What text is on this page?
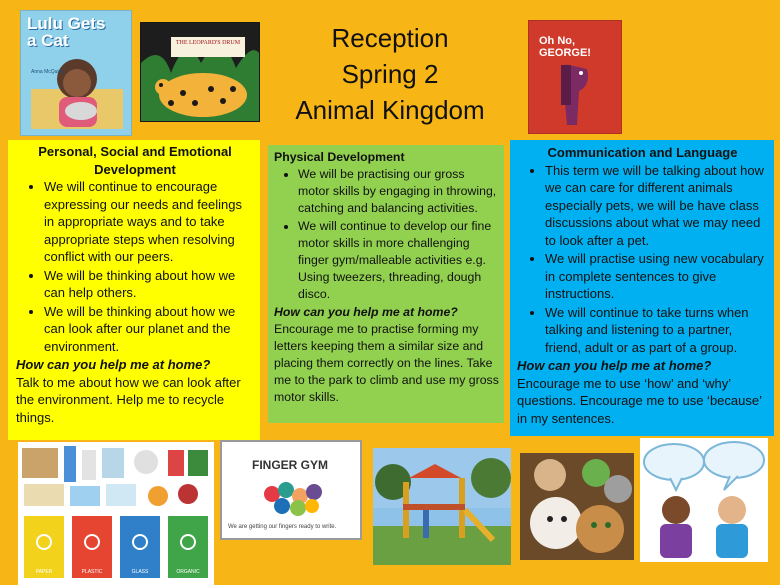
Reception
Spring 2
Animal Kingdom
Lulu Gets
a Cat
Anna McQuinn
THE LEOPARD'S DRUM	Oh No,
GEORGE!
Personal, Social and Emotional Development
• We will continue to encourage expressing our needs and feelings in appropriate ways and to take appropriate steps when resolving conflict with our peers.
• We will be thinking about how we can help others.
• We will be thinking about how we can look after our planet and the environment.
How can you help me at home?
Talk to me about how we can look after the environment. Help me to recycle things.
Physical Development
• We will be practising our gross motor skills by engaging in throwing, catching and balancing activities.
• We will continue to develop our fine motor skills in more challenging finger gym/malleable activities e.g. Using tweezers, threading, dough disco.
How can you help me at home?
Encourage me to practise forming my letters keeping them a similar size and placing them correctly on the lines. Take me to the park to climb and use my gross motor skills.
Communication and Language
• This term we will be talking about how we can care for different animals especially pets, we will be have class discussions about what we may need to look after a pet.
• We will practise using new vocabulary in complete sentences to give instructions.
• We will continue to take turns when talking and listening to a partner, friend, adult or as part of a group.
How can you help me at home?
Encourage me to use ‘how’ and ‘why’ questions. Encourage me to use ‘because’ in my sentences.
PAPER	PLASTIC	GLASS	ORGANIC
FINGER GYM
We are getting our fingers ready to write.
